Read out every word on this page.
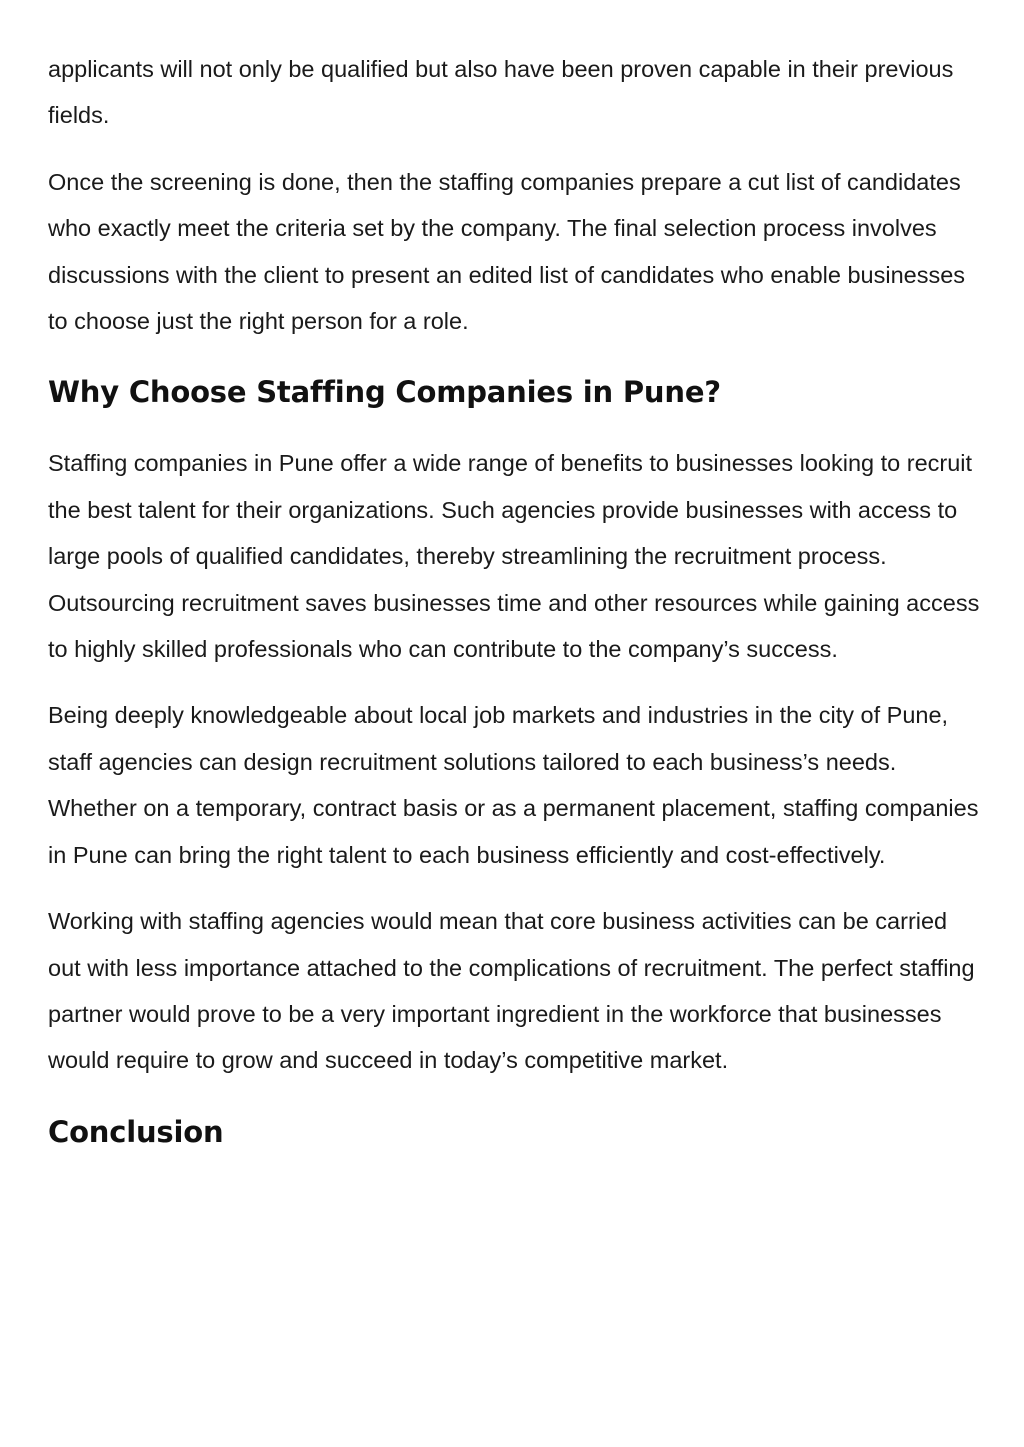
applicants will not only be qualified but also have been proven capable in their previous fields.

Once the screening is done, then the staffing companies prepare a cut list of candidates who exactly meet the criteria set by the company. The final selection process involves discussions with the client to present an edited list of candidates who enable businesses to choose just the right person for a role.

Why Choose Staffing Companies in Pune?

Staffing companies in Pune offer a wide range of benefits to businesses looking to recruit the best talent for their organizations. Such agencies provide businesses with access to large pools of qualified candidates, thereby streamlining the recruitment process. Outsourcing recruitment saves businesses time and other resources while gaining access to highly skilled professionals who can contribute to the company’s success.

Being deeply knowledgeable about local job markets and industries in the city of Pune, staff agencies can design recruitment solutions tailored to each business’s needs. Whether on a temporary, contract basis or as a permanent placement, staffing companies in Pune can bring the right talent to each business efficiently and cost-effectively.

Working with staffing agencies would mean that core business activities can be carried out with less importance attached to the complications of recruitment. The perfect staffing partner would prove to be a very important ingredient in the workforce that businesses would require to grow and succeed in today’s competitive market.

Conclusion
